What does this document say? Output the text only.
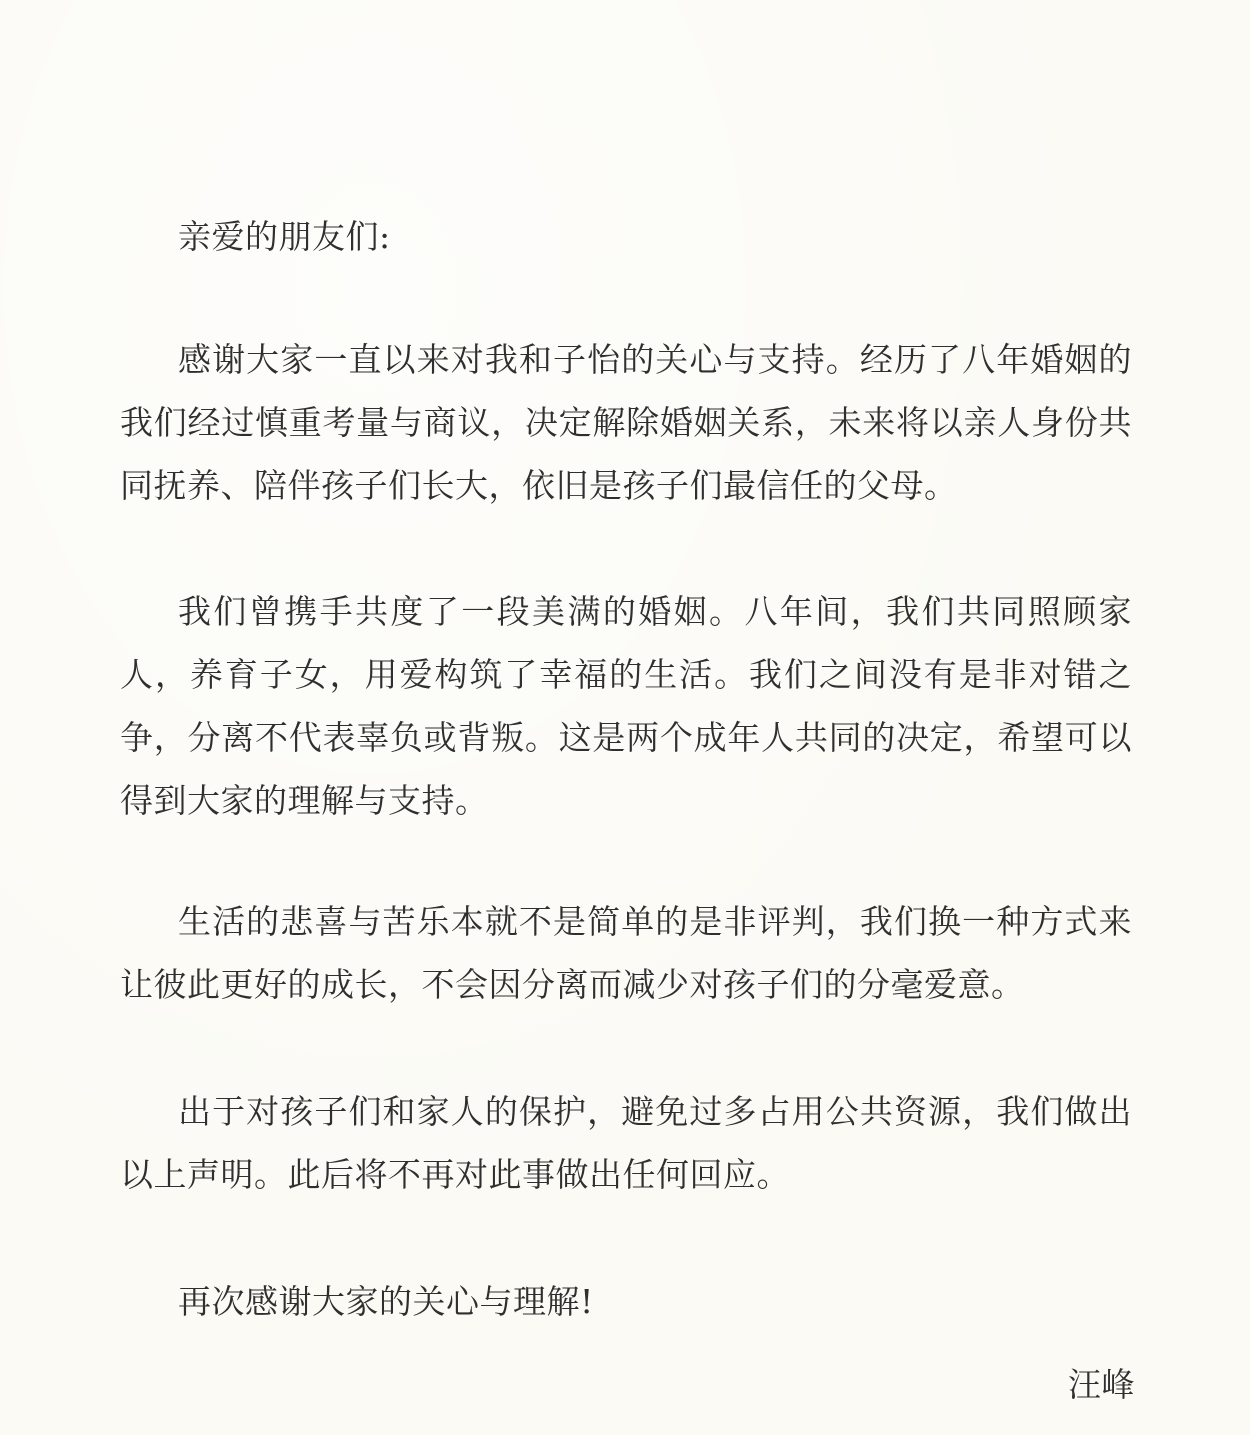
亲爱的朋友们:
感谢大家一直以来对我和子怡的关心与支持。经历了八年婚姻的我们经过慎重考量与商议，决定解除婚姻关系，未来将以亲人身份共同抚养、陪伴孩子们长大，依旧是孩子们最信任的父母。
我们曾携手共度了一段美满的婚姻。八年间，我们共同照顾家人，养育子女，用爱构筑了幸福的生活。我们之间没有是非对错之争，分离不代表辜负或背叛。这是两个成年人共同的决定，希望可以得到大家的理解与支持。
生活的悲喜与苦乐本就不是简单的是非评判，我们换一种方式来让彼此更好的成长，不会因分离而减少对孩子们的分毫爱意。
出于对孩子们和家人的保护，避免过多占用公共资源，我们做出以上声明。此后将不再对此事做出任何回应。
再次感谢大家的关心与理解!
汪峰
